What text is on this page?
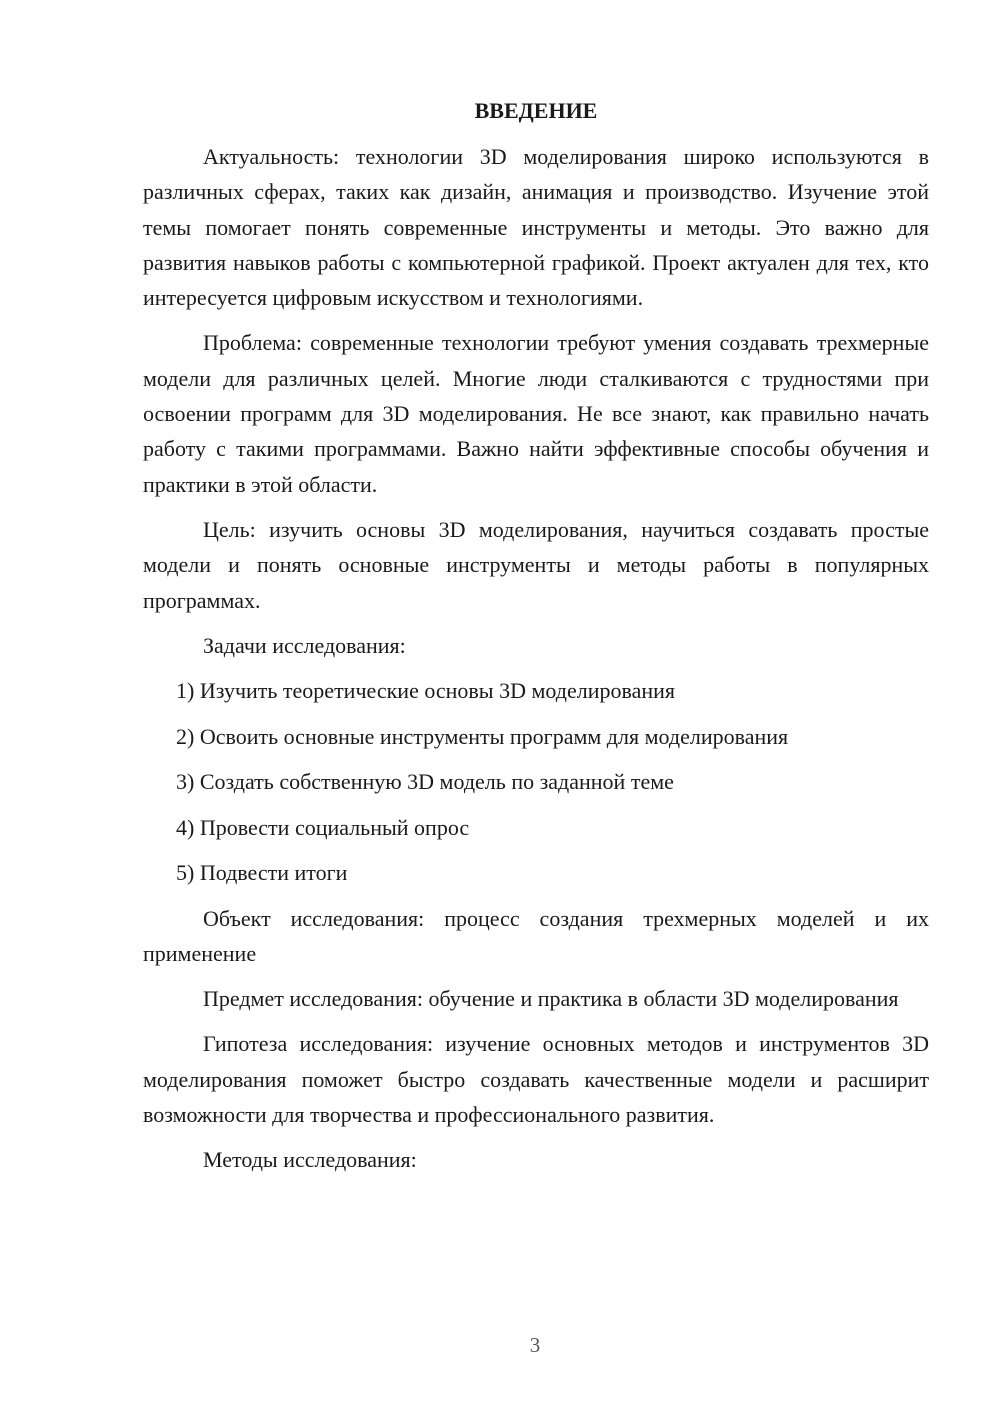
ВВЕДЕНИЕ

Актуальность: технологии 3D моделирования широко используются в различных сферах, таких как дизайн, анимация и производство. Изучение этой темы помогает понять современные инструменты и методы. Это важно для развития навыков работы с компьютерной графикой. Проект актуален для тех, кто интересуется цифровым искусством и технологиями.

Проблема: современные технологии требуют умения создавать трехмерные модели для различных целей. Многие люди сталкиваются с трудностями при освоении программ для 3D моделирования. Не все знают, как правильно начать работу с такими программами. Важно найти эффективные способы обучения и практики в этой области.

Цель: изучить основы 3D моделирования, научиться создавать простые модели и понять основные инструменты и методы работы в популярных программах.

Задачи исследования:

1) Изучить теоретические основы 3D моделирования

2) Освоить основные инструменты программ для моделирования

3) Создать собственную 3D модель по заданной теме

4) Провести социальный опрос

5) Подвести итоги

Объект исследования: процесс создания трехмерных моделей и их применение

Предмет исследования: обучение и практика в области 3D моделирования

Гипотеза исследования: изучение основных методов и инструментов 3D моделирования поможет быстро создавать качественные модели и расширит возможности для творчества и профессионального развития.

Методы исследования:

3
